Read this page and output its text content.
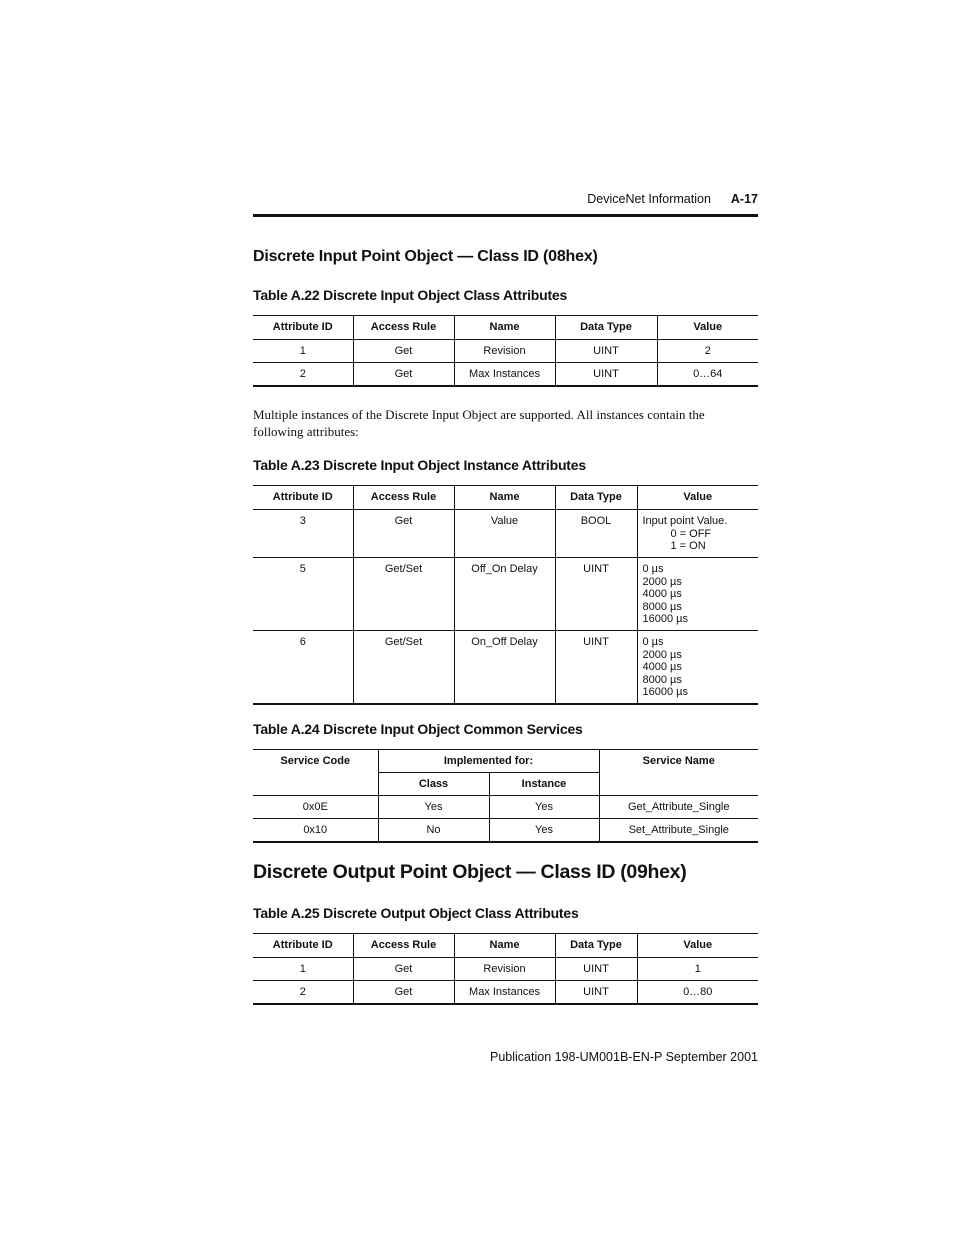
DeviceNet Information A-17
Discrete Input Point Object — Class ID (08hex)
Table A.22 Discrete Input Object Class Attributes
Attribute ID	Access Rule	Name	Data Type	Value
1	Get	Revision	UINT	2
2	Get	Max Instances	UINT	0…64
Multiple instances of the Discrete Input Object are supported. All instances contain the following attributes:
Table A.23 Discrete Input Object Instance Attributes
Attribute ID	Access Rule	Name	Data Type	Value
3	Get	Value	BOOL	Input point Value.
0 = OFF
1 = ON

5	Get/Set	Off_On Delay	UINT	0 µs
2000 µs
4000 µs
8000 µs
16000 µs

6	Get/Set	On_Off Delay	UINT	0 µs
2000 µs
4000 µs
8000 µs
16000 µs
Table A.24 Discrete Input Object Common Services
Service Code	Implemented for:		Service Name
	Class	Instance	
0x0E	Yes	Yes	Get_Attribute_Single
0x10	No	Yes	Set_Attribute_Single
Discrete Output Point Object — Class ID (09hex)
Table A.25 Discrete Output Object Class Attributes
Attribute ID	Access Rule	Name	Data Type	Value
1	Get	Revision	UINT	1
2	Get	Max Instances	UINT	0…80
Publication 198-UM001B-EN-P September 2001
